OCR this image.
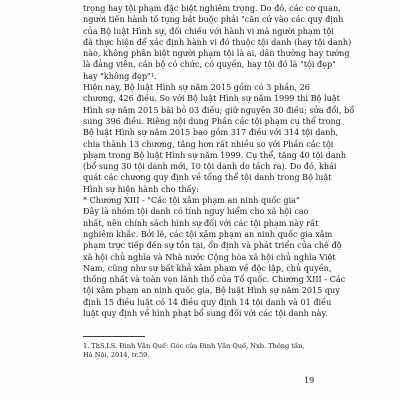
trọng hay tội phạm đặc biệt nghiêm trọng. Do đó, các cơ quan,
người tiến hành tố tụng bắt buộc phải "căn cứ vào các quy định
của Bộ luật Hình sự, đối chiếu với hành vi mà người phạm tội
đã thực hiện để xác định hành vi đó thuộc tội danh (hay tội danh)
nào, không phân biệt người phạm tội là ai, dân thường hay tướng
là đảng viên, cán bộ có chức, có quyền, hay tội đó là "tội đẹp"
hay "không đẹp"¹.
Hiện nay, Bộ luật Hình sự năm 2015 gồm có 3 phần, 26
chương, 426 điều. So với Bộ luật Hình sự năm 1999 thì Bộ luật
Hình sự năm 2015 bãi bỏ 03 điều; giữ nguyên 30 điều; sửa đổi, bổ
sung 396 điều. Riêng nội dung Phần các tội phạm cụ thể trong
Bộ luật Hình sự năm 2015 bao gồm 317 điều với 314 tội danh,
chia thành 13 chương, tăng hơn rất nhiều so với Phần các tội
phạm trong Bộ luật Hình sự năm 1999. Cụ thể, tăng 40 tội danh
(bổ sung 30 tội danh mới, 10 tội danh do tách ra). Do đó, khái
quát các chương quy định về tổng thể tội danh trong Bộ luật
Hình sự hiện hành cho thấy:
* Chương XIII - "Các tội xâm phạm an ninh quốc gia"
Đây là nhóm tội danh có tính nguy hiểm cho xã hội cao
nhất, nên chính sách hình sự đối với các tội phạm này rất
nghiêm khắc. Bởi lẽ, các tội xâm phạm an ninh quốc gia xâm
phạm trực tiếp đến sự tồn tại, ổn định và phát triển của chế độ
xã hội chủ nghĩa và Nhà nước Cộng hòa xã hội chủ nghĩa Việt
Nam, cũng như sự bất khả xâm phạm về độc lập, chủ quyền,
thống nhất và toàn vẹn lãnh thổ của Tổ quốc. Chương XIII - Các
tội xâm phạm an ninh quốc gia, Bộ luật Hình sự năm 2015 quy
định 15 điều luật có 14 điều quy định 14 tội danh và 01 điều
luật quy định về hình phạt bổ sung đối với các tội danh này.
1. ThS.LS. Đinh Văn Quế: Góc của Đinh Văn Quế, Nxb. Thông tấn,
Hà Nội, 2014, tr.59.
19
